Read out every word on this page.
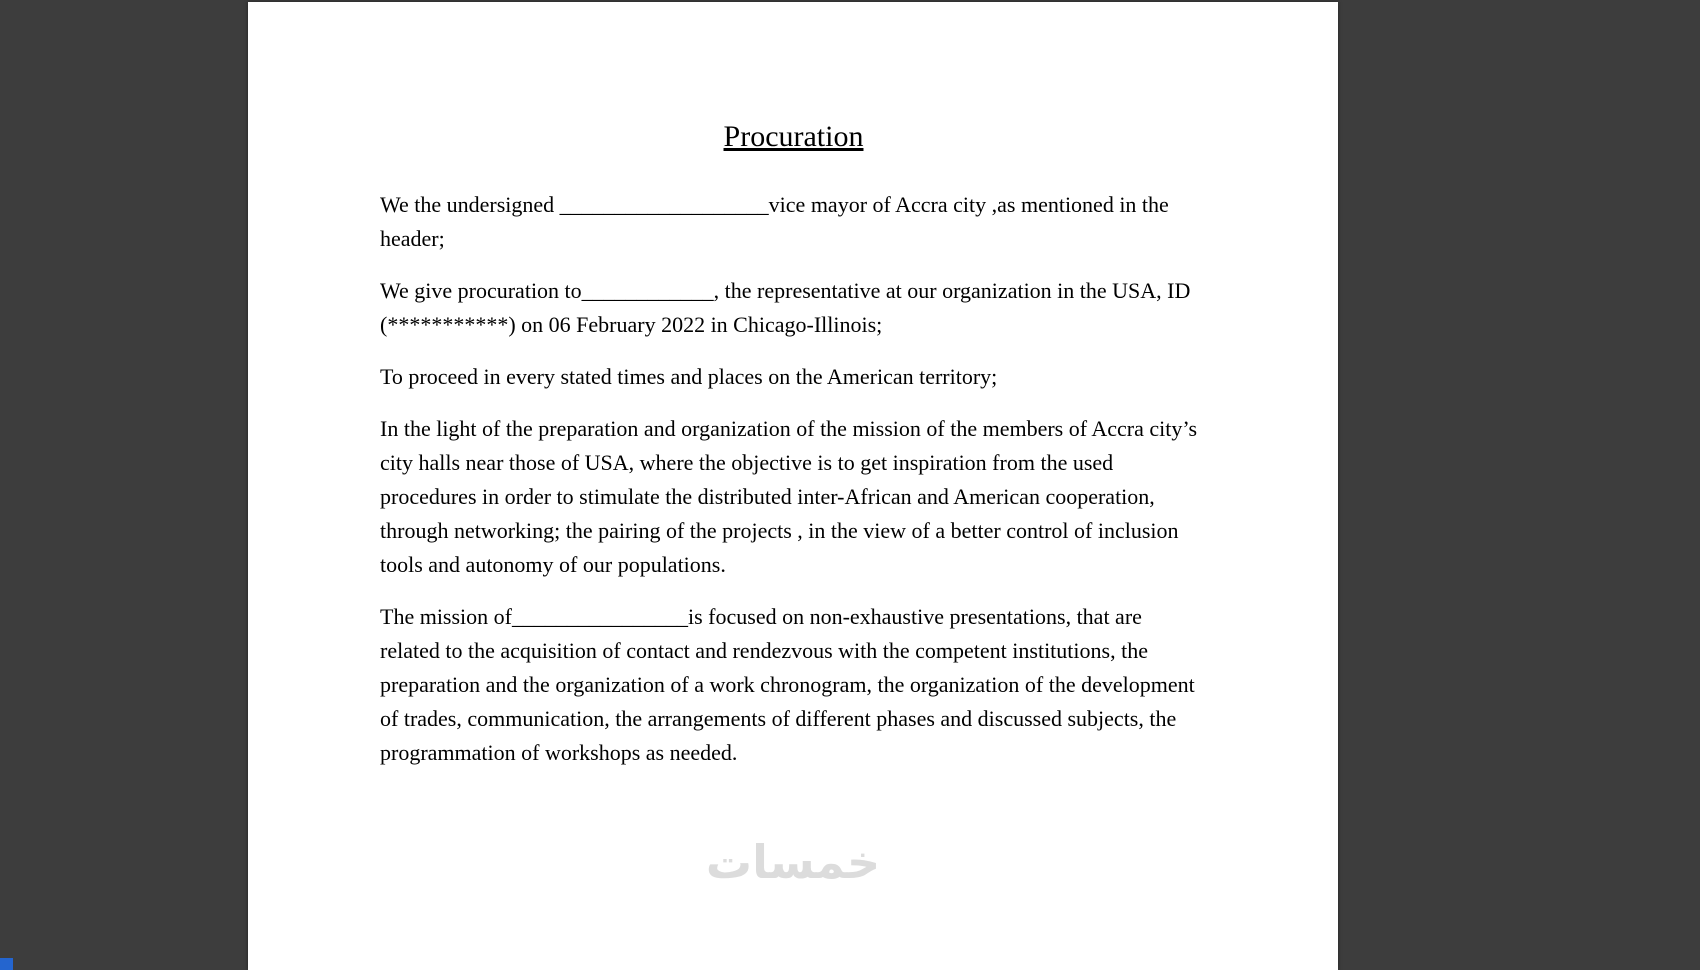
Procuration

We the undersigned ___________________vice mayor of Accra city ,as mentioned in the header;

We give procuration to____________, the representative at our organization in the USA, ID (***********) on 06 February 2022 in Chicago-Illinois;

To proceed in every stated times and places on the American territory;

In the light of the preparation and organization of the mission of the members of Accra city’s city halls near those of USA, where the objective is to get inspiration from the used procedures in order to stimulate the distributed inter-African and American cooperation, through networking; the pairing of the projects , in the view of a better control of inclusion tools and autonomy of our populations.

The mission of________________is focused on non-exhaustive presentations, that are related to the acquisition of contact and rendezvous with the competent institutions, the preparation and the organization of a work chronogram, the organization of the development of trades, communication, the arrangements of different phases and discussed subjects, the programmation of workshops as needed.

خمسات
